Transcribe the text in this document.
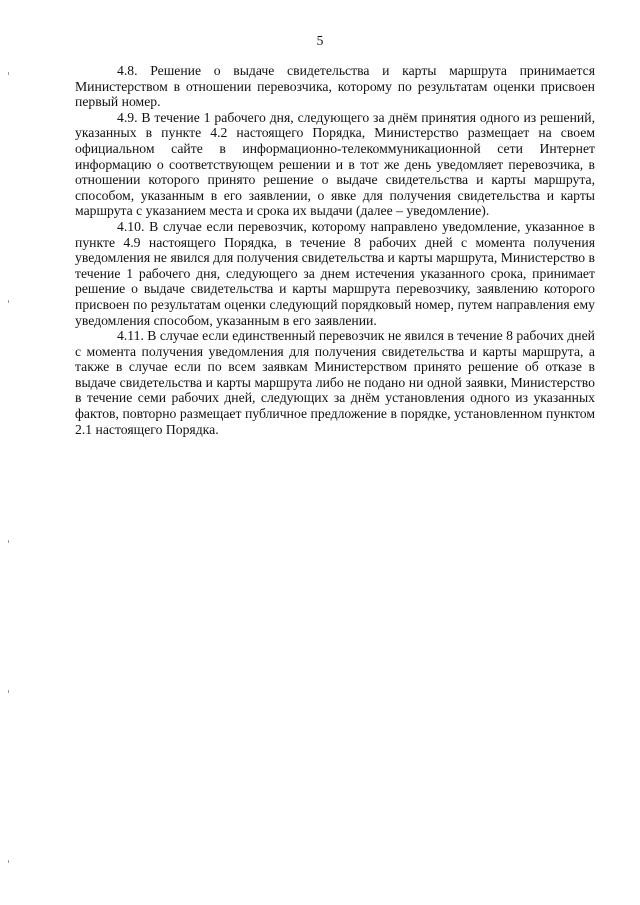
5

4.8. Решение о выдаче свидетельства и карты маршрута принимается Министерством в отношении перевозчика, которому по результатам оценки присвоен первый номер.

4.9. В течение 1 рабочего дня, следующего за днём принятия одного из решений, указанных в пункте 4.2 настоящего Порядка, Министерство размещает на своем официальном сайте в информационно-телекоммуникационной сети Интернет информацию о соответствующем решении и в тот же день уведомляет перевозчика, в отношении которого принято решение о выдаче свидетельства и карты маршрута, способом, указанным в его заявлении, о явке для получения свидетельства и карты маршрута с указанием места и срока их выдачи (далее – уведомление).

4.10. В случае если перевозчик, которому направлено уведомление, указанное в пункте 4.9 настоящего Порядка, в течение 8 рабочих дней с момента получения уведомления не явился для получения свидетельства и карты маршрута, Министерство в течение 1 рабочего дня, следующего за днем истечения указанного срока, принимает решение о выдаче свидетельства и карты маршрута перевозчику, заявлению которого присвоен по результатам оценки следующий порядковый номер, путем направления ему уведомления способом, указанным в его заявлении.

4.11. В случае если единственный перевозчик не явился в течение 8 рабочих дней с момента получения уведомления для получения свидетельства и карты маршрута, а также в случае если по всем заявкам Министерством принято решение об отказе в выдаче свидетельства и карты маршрута либо не подано ни одной заявки, Министерство в течение семи рабочих дней, следующих за днём установления одного из указанных фактов, повторно размещает публичное предложение в порядке, установленном пунктом 2.1 настоящего Порядка.
